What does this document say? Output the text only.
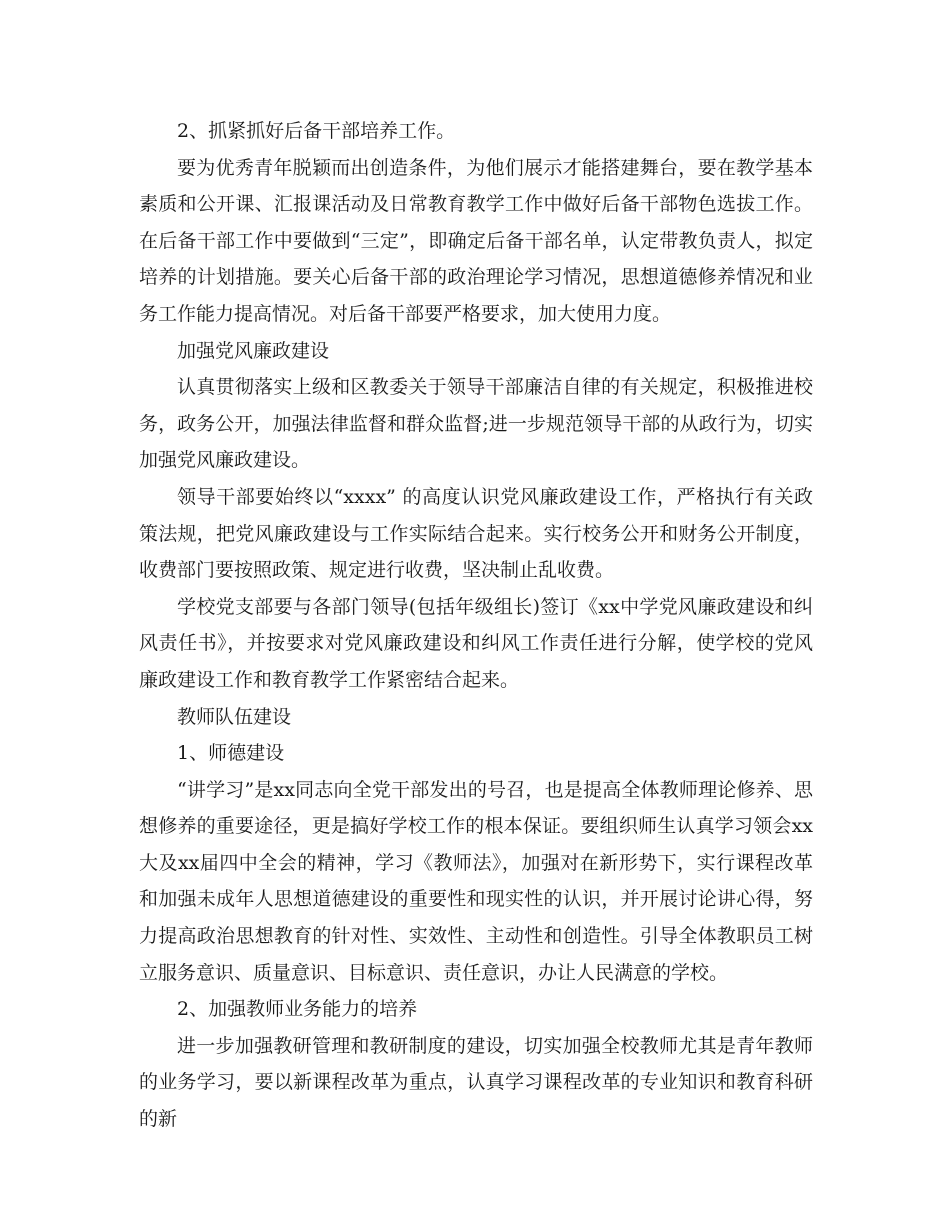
2、抓紧抓好后备干部培养工作。

要为优秀青年脱颖而出创造条件，为他们展示才能搭建舞台，要在教学基本素质和公开课、汇报课活动及日常教育教学工作中做好后备干部物色选拔工作。在后备干部工作中要做到“三定”，即确定后备干部名单，认定带教负责人，拟定培养的计划措施。要关心后备干部的政治理论学习情况，思想道德修养情况和业务工作能力提高情况。对后备干部要严格要求，加大使用力度。

加强党风廉政建设

认真贯彻落实上级和区教委关于领导干部廉洁自律的有关规定，积极推进校务，政务公开，加强法律监督和群众监督;进一步规范领导干部的从政行为，切实加强党风廉政建设。

领导干部要始终以“xxxx” 的高度认识党风廉政建设工作，严格执行有关政策法规，把党风廉政建设与工作实际结合起来。实行校务公开和财务公开制度，收费部门要按照政策、规定进行收费，坚决制止乱收费。

学校党支部要与各部门领导(包括年级组长)签订《xx中学党风廉政建设和纠风责任书》，并按要求对党风廉政建设和纠风工作责任进行分解，使学校的党风廉政建设工作和教育教学工作紧密结合起来。

教师队伍建设

1、师德建设

“讲学习”是xx同志向全党干部发出的号召，也是提高全体教师理论修养、思想修养的重要途径，更是搞好学校工作的根本保证。要组织师生认真学习领会xx大及xx届四中全会的精神，学习《教师法》，加强对在新形势下，实行课程改革和加强未成年人思想道德建设的重要性和现实性的认识，并开展讨论讲心得，努力提高政治思想教育的针对性、实效性、主动性和创造性。引导全体教职员工树立服务意识、质量意识、目标意识、责任意识，办让人民满意的学校。

2、加强教师业务能力的培养

进一步加强教研管理和教研制度的建设，切实加强全校教师尤其是青年教师的业务学习，要以新课程改革为重点，认真学习课程改革的专业知识和教育科研的新
